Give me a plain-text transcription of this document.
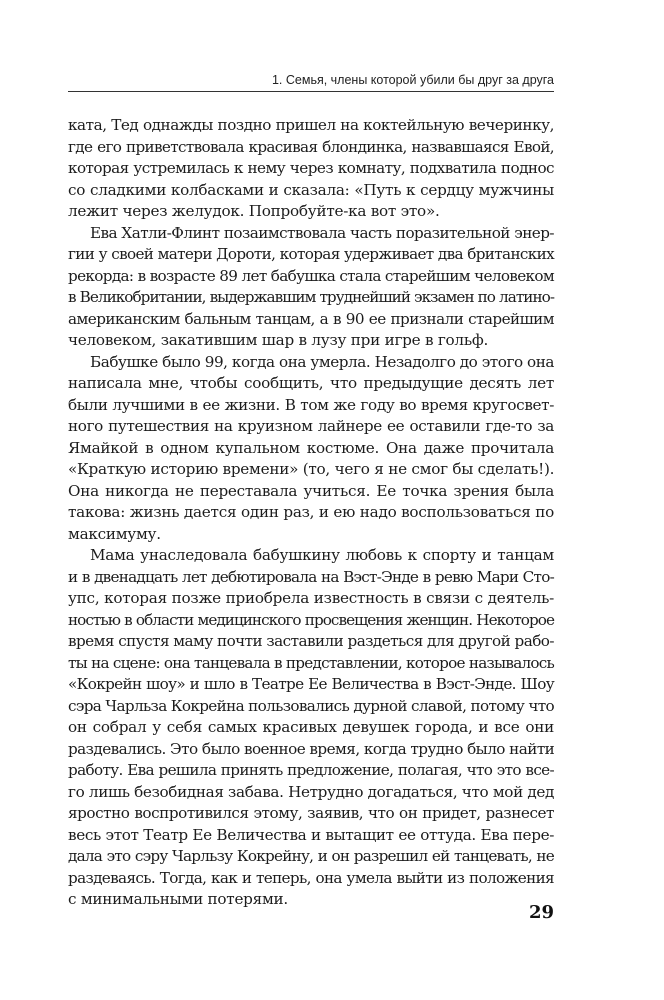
1. Семья, члены которой убили бы друг за друга
ката, Тед однажды поздно пришел на коктейльную вечеринку,
где его приветствовала красивая блондинка, назвавшаяся Евой,
которая устремилась к нему через комнату, подхватила поднос
со сладкими колбасками и сказала: «Путь к сердцу мужчины
лежит через желудок. Попробуйте-ка вот это».
Ева Хатли-Флинт позаимствовала часть поразительной энер-
гии у своей матери Дороти, которая удерживает два британских
рекорда: в возрасте 89 лет бабушка стала старейшим человеком
в Великобритании, выдержавшим труднейший экзамен по латино-
американским бальным танцам, а в 90 ее признали старейшим
человеком, закатившим шар в лузу при игре в гольф.
Бабушке было 99, когда она умерла. Незадолго до этого она
написала мне, чтобы сообщить, что предыдущие десять лет
были лучшими в ее жизни. В том же году во время кругосвет-
ного путешествия на круизном лайнере ее оставили где-то за
Ямайкой в одном купальном костюме. Она даже прочитала
«Краткую историю времени» (то, чего я не смог бы сделать!).
Она никогда не переставала учиться. Ее точка зрения была
такова: жизнь дается один раз, и ею надо воспользоваться по
максимуму.
Мама унаследовала бабушкину любовь к спорту и танцам
и в двенадцать лет дебютировала на Вэст-Энде в ревю Мари Сто-
упс, которая позже приобрела известность в связи с деятель-
ностью в области медицинского просвещения женщин. Некоторое
время спустя маму почти заставили раздеться для другой рабо-
ты на сцене: она танцевала в представлении, которое называлось
«Кокрейн шоу» и шло в Театре Ее Величества в Вэст-Энде. Шоу
сэра Чарльза Кокрейна пользовались дурной славой, потому что
он собрал у себя самых красивых девушек города, и все они
раздевались. Это было военное время, когда трудно было найти
работу. Ева решила принять предложение, полагая, что это все-
го лишь безобидная забава. Нетрудно догадаться, что мой дед
яростно воспротивился этому, заявив, что он придет, разнесет
весь этот Театр Ее Величества и вытащит ее оттуда. Ева пере-
дала это сэру Чарльзу Кокрейну, и он разрешил ей танцевать, не
раздеваясь. Тогда, как и теперь, она умела выйти из положения
с минимальными потерями.
29
